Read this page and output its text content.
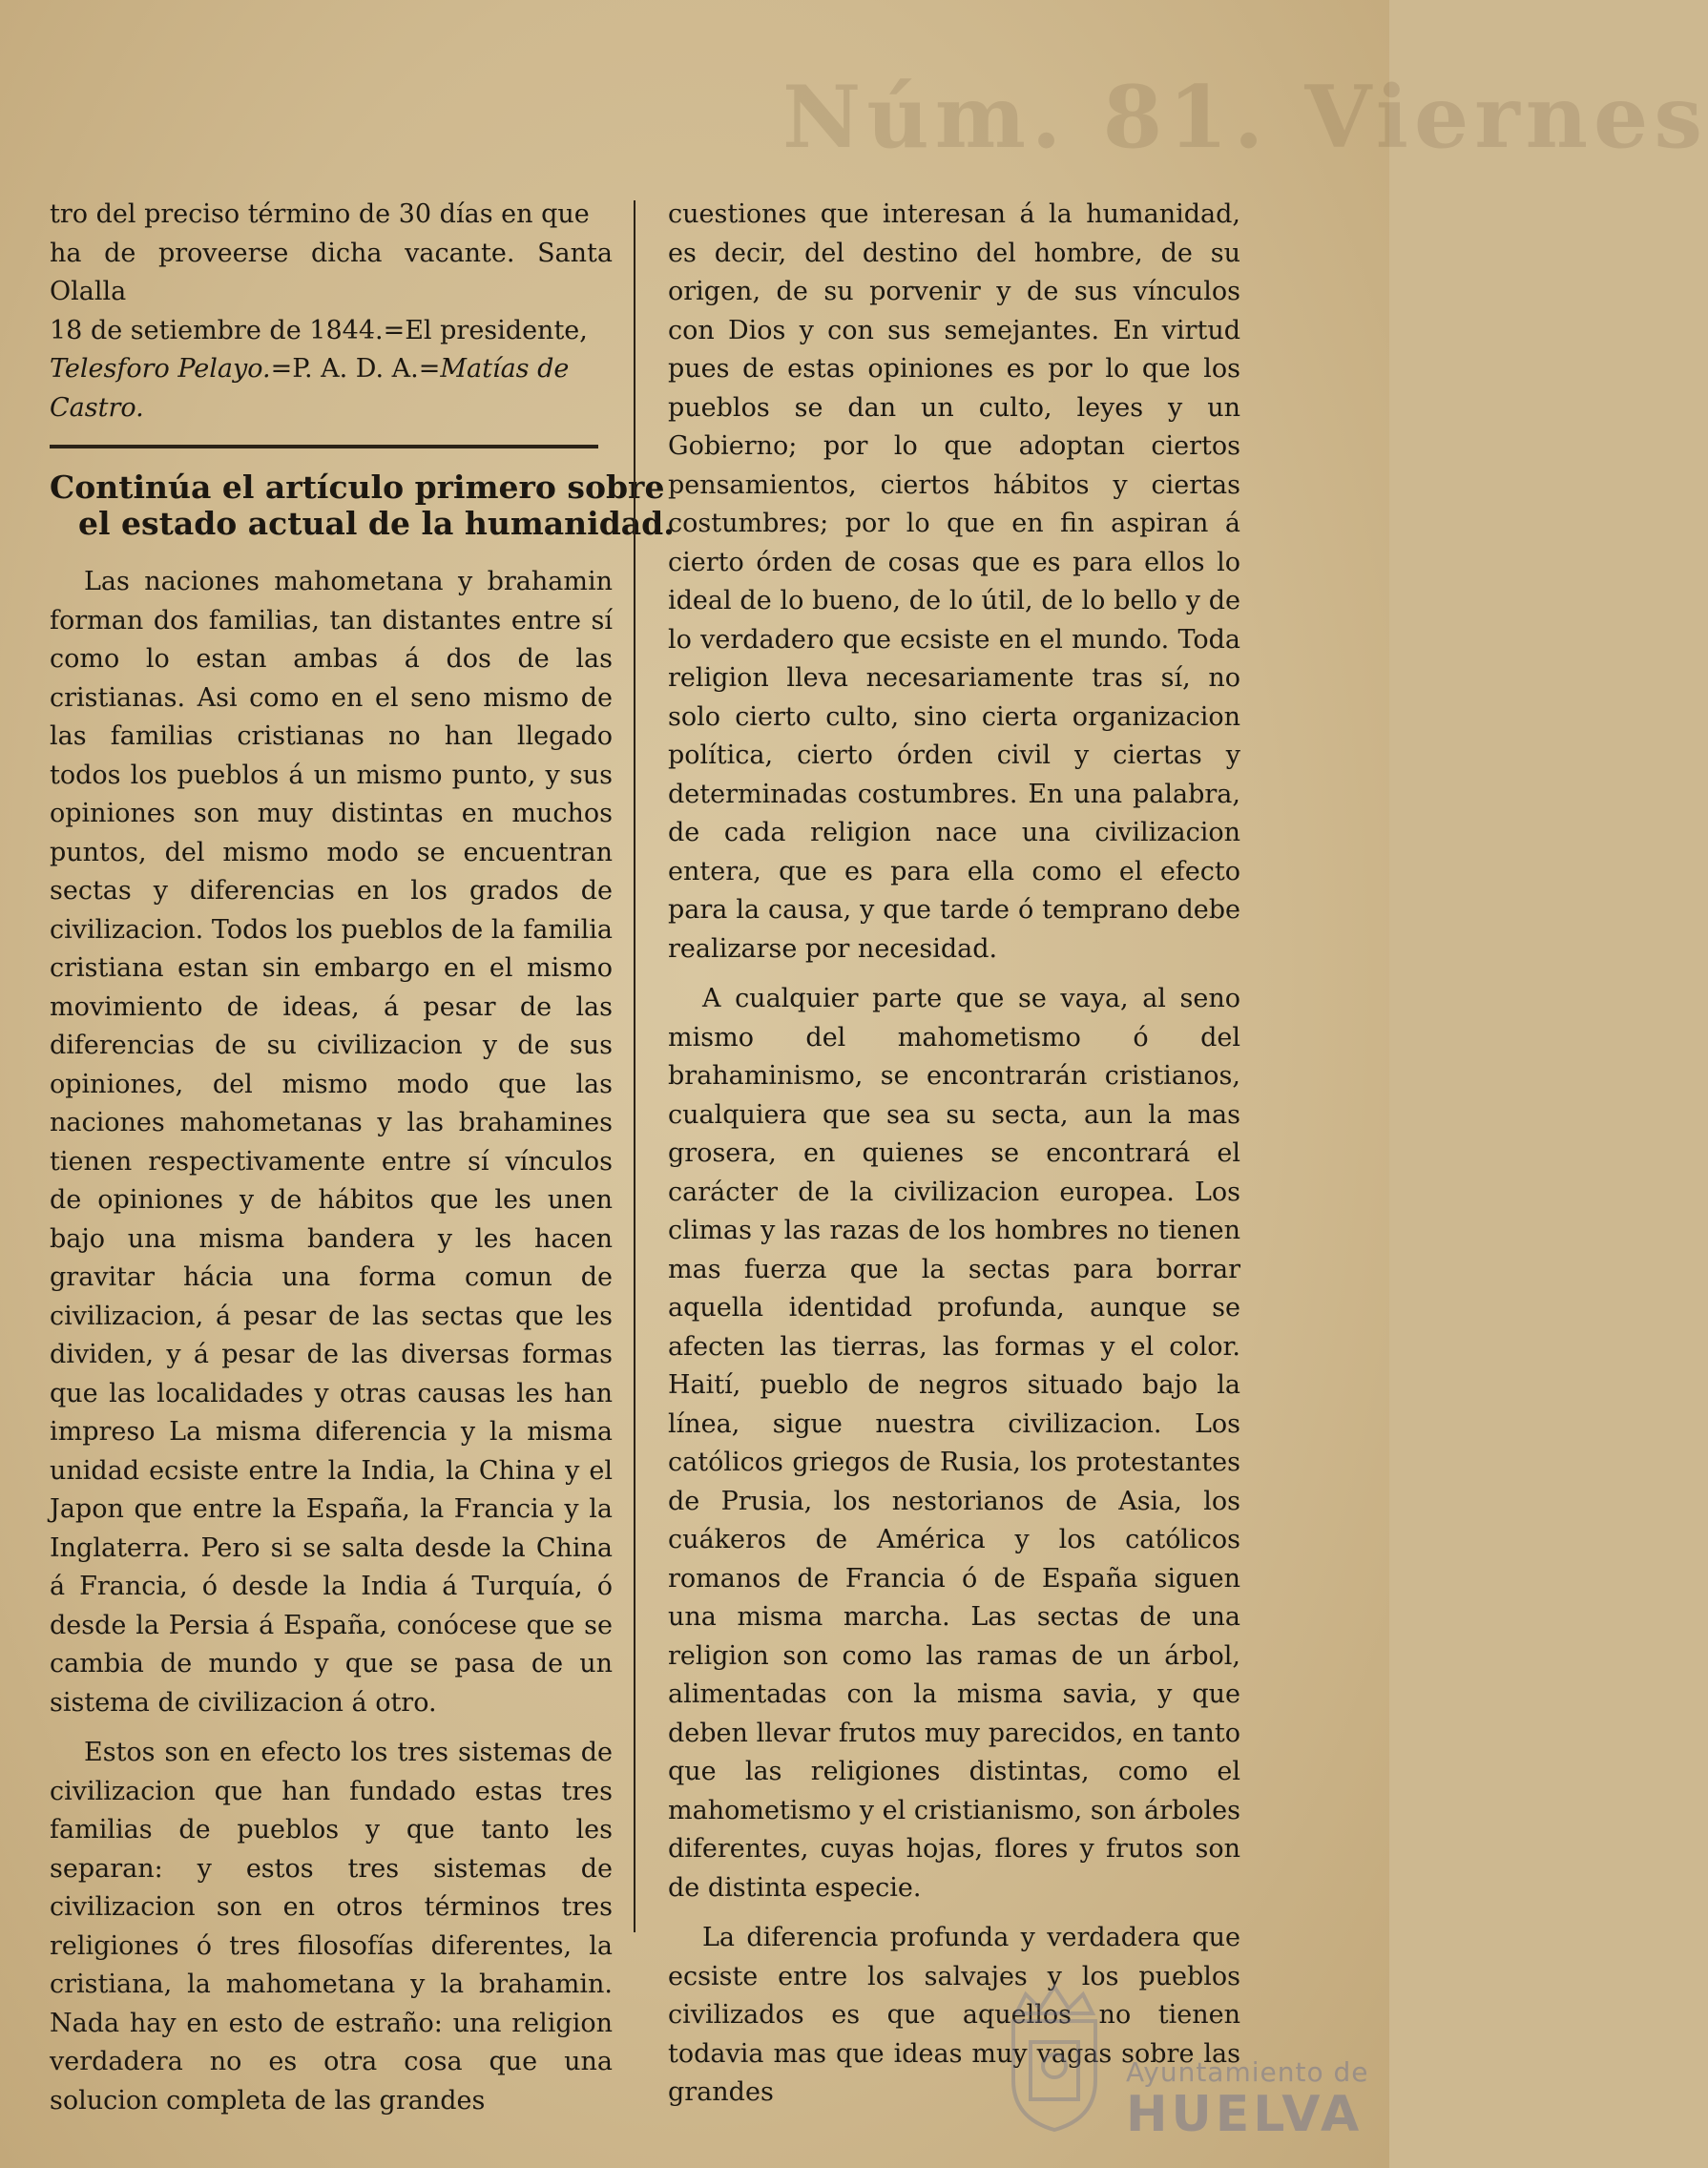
Núm. 81. Viernes

tro del preciso término de 30 días en que

ha de proveerse dicha vacante. Santa Olalla

18 de setiembre de 1844.=El presidente,

Telesforo Pelayo.=P. A. D. A.=Matías de

Castro.

Continúa el artículo primero sobre
el estado actual de la humanidad.

Las naciones mahometana y brahamin forman dos familias, tan distantes entre sí como lo estan ambas á dos de las cristianas. Asi como en el seno mismo de las familias cristianas no han llegado todos los pueblos á un mismo punto, y sus opiniones son muy distintas en muchos puntos, del mismo modo se encuentran sectas y diferencias en los grados de civilizacion. Todos los pueblos de la familia cristiana estan sin embargo en el mismo movimiento de ideas, á pesar de las diferencias de su civilizacion y de sus opiniones, del mismo modo que las naciones mahometanas y las brahamines tienen respectivamente entre sí vínculos de opiniones y de hábitos que les unen bajo una misma bandera y les hacen gravitar hácia una forma comun de civilizacion, á pesar de las sectas que les dividen, y á pesar de las diversas formas que las localidades y otras causas les han impreso La misma diferencia y la misma unidad ecsiste entre la India, la China y el Japon que entre la España, la Francia y la Inglaterra. Pero si se salta desde la China á Francia, ó desde la India á Turquía, ó desde la Persia á España, conócese que se cambia de mundo y que se pasa de un sistema de civilizacion á otro.

Estos son en efecto los tres sistemas de civilizacion que han fundado estas tres familias de pueblos y que tanto les separan: y estos tres sistemas de civilizacion son en otros términos tres religiones ó tres filosofías diferentes, la cristiana, la mahometana y la brahamin. Nada hay en esto de estraño: una religion verdadera no es otra cosa que una solucion completa de las grandes

cuestiones que interesan á la humanidad, es decir, del destino del hombre, de su origen, de su porvenir y de sus vínculos con Dios y con sus semejantes. En virtud pues de estas opiniones es por lo que los pueblos se dan un culto, leyes y un Gobierno; por lo que adoptan ciertos pensamientos, ciertos hábitos y ciertas costumbres; por lo que en fin aspiran á cierto órden de cosas que es para ellos lo ideal de lo bueno, de lo útil, de lo bello y de lo verdadero que ecsiste en el mundo. Toda religion lleva necesariamente tras sí, no solo cierto culto, sino cierta organizacion política, cierto órden civil y ciertas y determinadas costumbres. En una palabra, de cada religion nace una civilizacion entera, que es para ella como el efecto para la causa, y que tarde ó temprano debe realizarse por necesidad.

A cualquier parte que se vaya, al seno mismo del mahometismo ó del brahaminismo, se encontrarán cristianos, cualquiera que sea su secta, aun la mas grosera, en quienes se encontrará el carácter de la civilizacion europea. Los climas y las razas de los hombres no tienen mas fuerza que la sectas para borrar aquella identidad profunda, aunque se afecten las tierras, las formas y el color. Haití, pueblo de negros situado bajo la línea, sigue nuestra civilizacion. Los católicos griegos de Rusia, los protestantes de Prusia, los nestorianos de Asia, los cuákeros de América y los católicos romanos de Francia ó de España siguen una misma marcha. Las sectas de una religion son como las ramas de un árbol, alimentadas con la misma savia, y que deben llevar frutos muy parecidos, en tanto que las religiones distintas, como el mahometismo y el cristianismo, son árboles diferentes, cuyas hojas, flores y frutos son de distinta especie.

La diferencia profunda y verdadera que ecsiste entre los salvajes y los pueblos civilizados es que aquellos no tienen todavia mas que ideas muy vagas sobre las grandes

Ayuntamiento de
HUELVA
